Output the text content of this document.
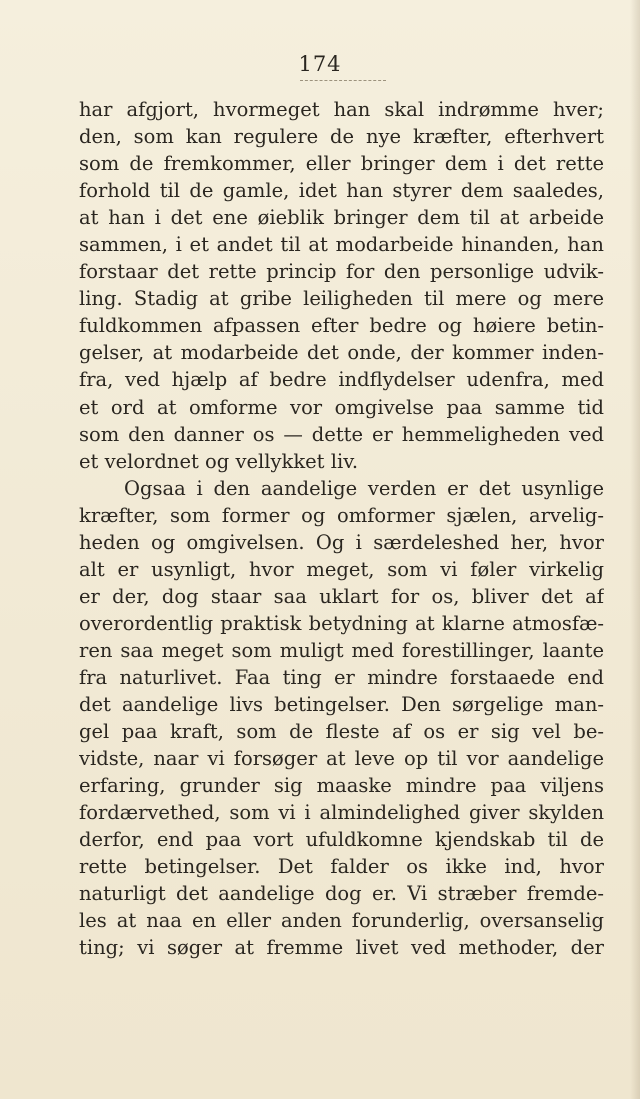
174
har afgjort, hvormeget han skal indrømme hver;
den, som kan regulere de nye kræfter, efterhvert
som de fremkommer, eller bringer dem i det rette
forhold til de gamle, idet han styrer dem saaledes,
at han i det ene øieblik bringer dem til at arbeide
sammen, i et andet til at modarbeide hinanden, han
forstaar det rette princip for den personlige udvik-
ling. Stadig at gribe leiligheden til mere og mere
fuldkommen afpassen efter bedre og høiere betin-
gelser, at modarbeide det onde, der kommer inden-
fra, ved hjælp af bedre indflydelser udenfra, med
et ord at omforme vor omgivelse paa samme tid
som den danner os — dette er hemmeligheden ved
et velordnet og vellykket liv.
Ogsaa i den aandelige verden er det usynlige
kræfter, som former og omformer sjælen, arvelig-
heden og omgivelsen. Og i særdeleshed her, hvor
alt er usynligt, hvor meget, som vi føler virkelig
er der, dog staar saa uklart for os, bliver det af
overordentlig praktisk betydning at klarne atmosfæ-
ren saa meget som muligt med forestillinger, laante
fra naturlivet. Faa ting er mindre forstaaede end
det aandelige livs betingelser. Den sørgelige man-
gel paa kraft, som de fleste af os er sig vel be-
vidste, naar vi forsøger at leve op til vor aandelige
erfaring, grunder sig maaske mindre paa viljens
fordærvethed, som vi i almindelighed giver skylden
derfor, end paa vort ufuldkomne kjendskab til de
rette betingelser. Det falder os ikke ind, hvor
naturligt det aandelige dog er. Vi stræber fremde-
les at naa en eller anden forunderlig, oversanselig
ting; vi søger at fremme livet ved methoder, der
